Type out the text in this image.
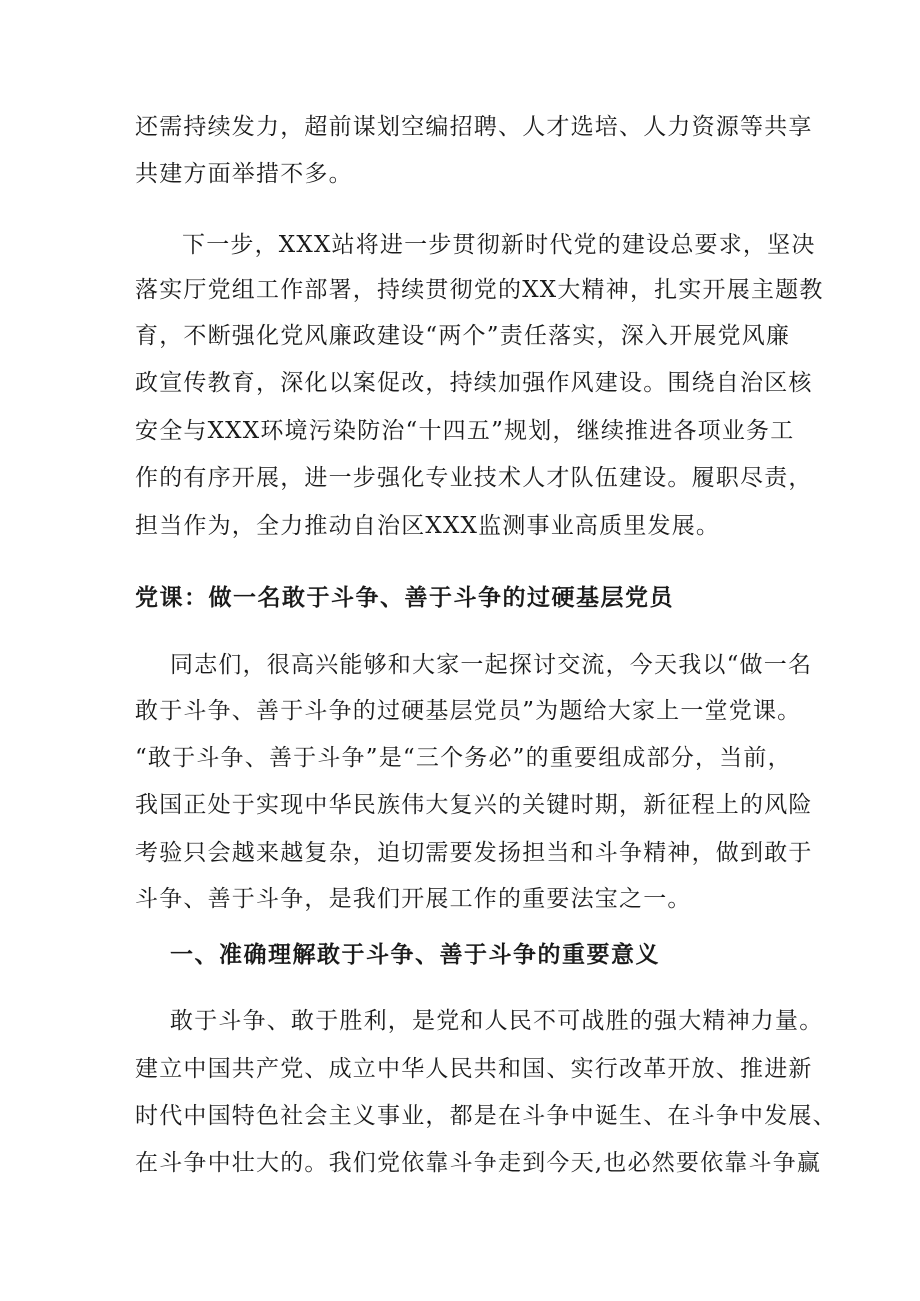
还需持续发力，超前谋划空编招聘、人才选培、人力资源等共享
共建方面举措不多。
下一步，XXX站将进一步贯彻新时代党的建设总要求，坚决
落实厅党组工作部署，持续贯彻党的XX大精神，扎实开展主题教
育，不断强化党风廉政建设“两个”责任落实，深入开展党风廉
政宣传教育，深化以案促改，持续加强作风建设。围绕自治区核
安全与XXX环境污染防治“十四五”规划，继续推进各项业务工
作的有序开展，进一步强化专业技术人才队伍建设。履职尽责，
担当作为，全力推动自治区XXX监测事业高质里发展。
党课：做一名敢于斗争、善于斗争的过硬基层党员
同志们，很高兴能够和大家一起探讨交流，今天我以“做一名
敢于斗争、善于斗争的过硬基层党员”为题给大家上一堂党课。
“敢于斗争、善于斗争”是“三个务必”的重要组成部分，当前，
我国正处于实现中华民族伟大复兴的关键时期，新征程上的风险
考验只会越来越复杂，迫切需要发扬担当和斗争精神，做到敢于
斗争、善于斗争，是我们开展工作的重要法宝之一。
一、准确理解敢于斗争、善于斗争的重要意义
敢于斗争、敢于胜利，是党和人民不可战胜的强大精神力量。
建立中国共产党、成立中华人民共和国、实行改革开放、推进新
时代中国特色社会主义事业，都是在斗争中诞生、在斗争中发展、
在斗争中壮大的。我们党依靠斗争走到今天,也必然要依靠斗争赢
